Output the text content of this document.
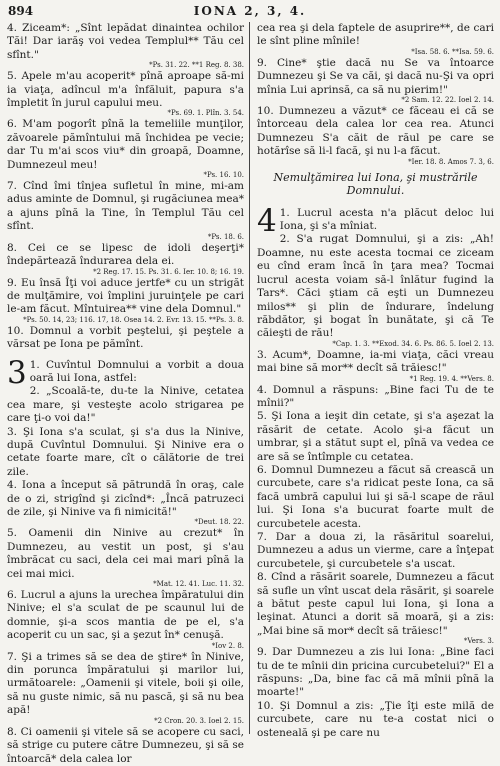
894	IONA 2, 3, 4.
4. Ziceam*: „Sînt lepădat dinaintea ochilor Tăi! Dar iarăş voi vedea Templul** Tău cel sfînt."
*Ps. 31. 22. **1 Reg. 8. 38.
5. Apele m'au acoperit* pînă aproape să-mi ia viaţa, adîncul m'a înfăluit, papura s'a împletit în jurul capului meu.
*Ps. 69. 1. Plîn. 3. 54.
6. M'am pogorît pînă la temeliile munţilor, zăvoarele pămîntului mă închidea pe vecie; dar Tu m'ai scos viu* din groapă, Doamne, Dumnezeul meu!
*Ps. 16. 10.
7. Cînd îmi tînjea sufletul în mine, mi-am adus aminte de Domnul, şi rugăciunea mea* a ajuns pînă la Tine, în Templul Tău cel sfînt.
*Ps. 18. 6.
8. Cei ce se lipesc de idoli deşerţi* îndepărtează îndurarea dela ei.
*2 Reg. 17. 15. Ps. 31. 6. Ier. 10. 8; 16. 19.
9. Eu însă Îţi voi aduce jertfe* cu un strigăt de mulţămire, voi împlini juruinţele pe cari le-am făcut. Mîntuirea** vine dela Domnul."
*Ps. 50. 14, 23; 116. 17, 18. Osea 14. 2. Evr. 13. 15. **Ps. 3. 8.
10. Domnul a vorbit peştelui, şi peştele a vărsat pe Iona pe pămînt.
3 1. Cuvîntul Domnului a vorbit a doua oară lui Iona, astfel:
2. „Scoală-te, du-te la Ninive, cetatea cea mare, şi vesteşte acolo strigarea pe care ţi-o voi da!"
3. Şi Iona s'a sculat, şi s'a dus la Ninive, după Cuvîntul Domnului. Şi Ninive era o cetate foarte mare, cît o călătorie de trei zile.
4. Iona a început să pătrundă în oraş, cale de o zi, strigînd şi zicînd*: „Încă patruzeci de zile, şi Ninive va fi nimicită!"
*Deut. 18. 22.
5. Oamenii din Ninive au crezut* în Dumnezeu, au vestit un post, şi s'au îmbrăcat cu saci, dela cei mai mari pînă la cei mai mici.
*Mat. 12. 41. Luc. 11. 32.
6. Lucrul a ajuns la urechea împăratului din Ninive; el s'a sculat de pe scaunul lui de domnie, şi-a scos mantia de pe el, s'a acoperit cu un sac, şi a şezut în* cenuşă.
*Iov 2. 8.
7. Şi a trimes să se dea de ştire* în Ninive, din porunca împăratului şi marilor lui, următoarele: „Oamenii şi vitele, boii şi oile, să nu guste nimic, să nu pască, şi să nu bea apă!
*2 Cron. 20. 3. Ioel 2. 15.
8. Ci oamenii şi vitele să se acopere cu saci, să strige cu putere către Dumnezeu, şi să se întoarcă* dela calea lor
cea rea şi dela faptele de asuprire**, de cari le sînt pline mînile!
*Isa. 58. 6. **Isa. 59. 6.
9. Cine* ştie dacă nu Se va întoarce Dumnezeu şi Se va căi, şi dacă nu-Şi va opri mînia Lui aprinsă, ca să nu pierim!"
*2 Sam. 12. 22. Ioel 2. 14.
10. Dumnezeu a văzut* ce făceau ei că se întorceau dela calea lor cea rea. Atunci Dumnezeu S'a căit de răul pe care se hotărîse să li-l facă, şi nu l-a făcut.
*Ier. 18. 8. Amos 7. 3, 6.
Nemulţămirea lui Iona, şi mustrările Domnului.
4 1. Lucrul acesta n'a plăcut deloc lui Iona, şi s'a mîniat.
2. S'a rugat Domnului, şi a zis: „Ah! Doamne, nu este acesta tocmai ce ziceam eu cînd eram încă în ţara mea? Tocmai lucrul acesta voiam să-l înlătur fugind la Tars*. Căci ştiam că eşti un Dumnezeu milos** şi plin de îndurare, îndelung răbdător, şi bogat în bunătate, şi că Te căieşti de rău!
*Cap. 1. 3. **Exod. 34. 6. Ps. 86. 5. Ioel 2. 13.
3. Acum*, Doamne, ia-mi viaţa, căci vreau mai bine să mor** decît să trăiesc!"
*1 Reg. 19. 4. **Vers. 8.
4. Domnul a răspuns: „Bine faci Tu de te mînii?"
5. Şi Iona a ieşit din cetate, şi s'a aşezat la răsărit de cetate. Acolo şi-a făcut un umbrar, şi a stătut supt el, pînă va vedea ce are să se întîmple cu cetatea.
6. Domnul Dumnezeu a făcut să crească un curcubete, care s'a ridicat peste Iona, ca să facă umbră capului lui şi să-l scape de răul lui. Şi Iona s'a bucurat foarte mult de curcubetele acesta.
7. Dar a doua zi, la răsăritul soarelui, Dumnezeu a adus un vierme, care a înţepat curcubetele, şi curcubetele s'a uscat.
8. Cînd a răsărit soarele, Dumnezeu a făcut să sufle un vînt uscat dela răsărit, şi soarele a bătut peste capul lui Iona, şi Iona a leşinat. Atunci a dorit să moară, şi a zis: „Mai bine să mor* decît să trăiesc!"
*Vers. 3.
9. Dar Dumnezeu a zis lui Iona: „Bine faci tu de te mînii din pricina curcubetelui?" El a răspuns: „Da, bine fac că mă mînii pînă la moarte!"
10. Şi Domnul a zis: „Ţie îţi este milă de curcubete, care nu te-a costat nici o osteneală şi pe care nu
